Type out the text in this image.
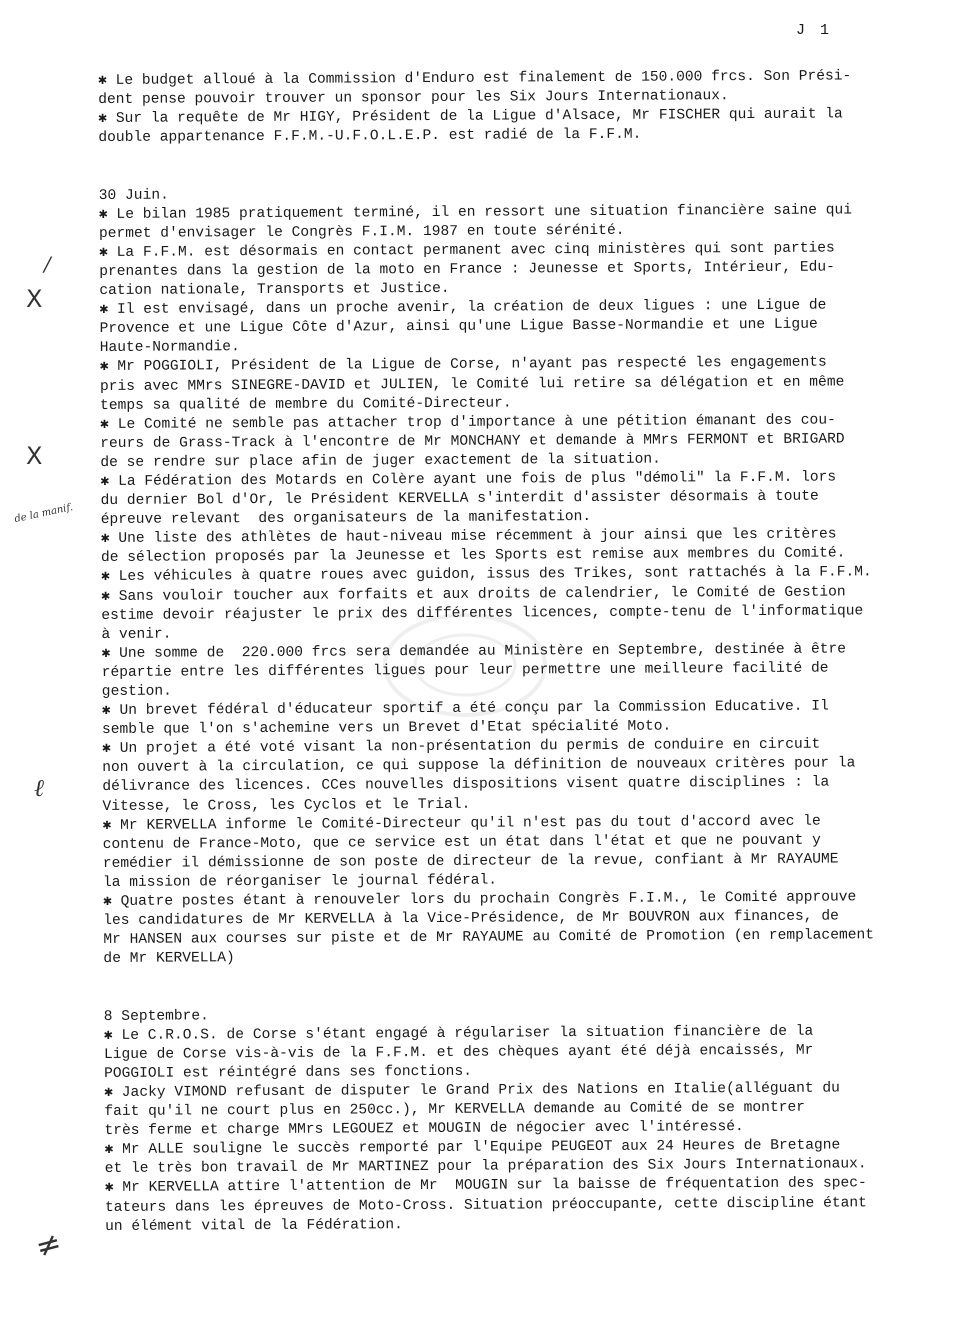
J 1
✱ Le budget alloué à la Commission d'Enduro est finalement de 150.000 frcs. Son Prési-
dent pense pouvoir trouver un sponsor pour les Six Jours Internationaux.
✱ Sur la requête de Mr HIGY, Président de la Ligue d'Alsace, Mr FISCHER qui aurait la
double appartenance F.F.M.-U.F.O.L.E.P. est radié de la F.F.M.
30 Juin.
✱ Le bilan 1985 pratiquement terminé, il en ressort une situation financière saine qui
permet d'envisager le Congrès F.I.M. 1987 en toute sérénité.
✱ La F.F.M. est désormais en contact permanent avec cinq ministères qui sont parties
prenantes dans la gestion de la moto en France : Jeunesse et Sports, Intérieur, Edu-
cation nationale, Transports et Justice.
✱ Il est envisagé, dans un proche avenir, la création de deux ligues : une Ligue de
Provence et une Ligue Côte d'Azur, ainsi qu'une Ligue Basse-Normandie et une Ligue
Haute-Normandie.
✱ Mr POGGIOLI, Président de la Ligue de Corse, n'ayant pas respecté les engagements
pris avec MMrs SINEGRE-DAVID et JULIEN, le Comité lui retire sa délégation et en même
temps sa qualité de membre du Comité-Directeur.
✱ Le Comité ne semble pas attacher trop d'importance à une pétition émanant des cou-
reurs de Grass-Track à l'encontre de Mr MONCHANY et demande à MMrs FERMONT et BRIGARD
de se rendre sur place afin de juger exactement de la situation.
✱ La Fédération des Motards en Colère ayant une fois de plus "démoli" la F.F.M. lors
du dernier Bol d'Or, le Président KERVELLA s'interdit d'assister désormais à toute
épreuve relevant  des organisateurs de la manifestation.
✱ Une liste des athlètes de haut-niveau mise récemment à jour ainsi que les critères
de sélection proposés par la Jeunesse et les Sports est remise aux membres du Comité.
✱ Les véhicules à quatre roues avec guidon, issus des Trikes, sont rattachés à la F.F.M.
✱ Sans vouloir toucher aux forfaits et aux droits de calendrier, le Comité de Gestion
estime devoir réajuster le prix des différentes licences, compte-tenu de l'informatique
à venir.
✱ Une somme de  220.000 frcs sera demandée au Ministère en Septembre, destinée à être
répartie entre les différentes ligues pour leur permettre une meilleure facilité de
gestion.
✱ Un brevet fédéral d'éducateur sportif a été conçu par la Commission Educative. Il
semble que l'on s'achemine vers un Brevet d'Etat spécialité Moto.
✱ Un projet a été voté visant la non-présentation du permis de conduire en circuit
non ouvert à la circulation, ce qui suppose la définition de nouveaux critères pour la
délivrance des licences. CCes nouvelles dispositions visent quatre disciplines : la
Vitesse, le Cross, les Cyclos et le Trial.
✱ Mr KERVELLA informe le Comité-Directeur qu'il n'est pas du tout d'accord avec le
contenu de France-Moto, que ce service est un état dans l'état et que ne pouvant y
remédier il démissionne de son poste de directeur de la revue, confiant à Mr RAYAUME
la mission de réorganiser le journal fédéral.
✱ Quatre postes étant à renouveler lors du prochain Congrès F.I.M., le Comité approuve
les candidatures de Mr KERVELLA à la Vice-Présidence, de Mr BOUVRON aux finances, de
Mr HANSEN aux courses sur piste et de Mr RAYAUME au Comité de Promotion (en remplacement
de Mr KERVELLA)
8 Septembre.
✱ Le C.R.O.S. de Corse s'étant engagé à régulariser la situation financière de la
Ligue de Corse vis-à-vis de la F.F.M. et des chèques ayant été déjà encaissés, Mr
POGGIOLI est réintégré dans ses fonctions.
✱ Jacky VIMOND refusant de disputer le Grand Prix des Nations en Italie(alléguant du
fait qu'il ne court plus en 250cc.), Mr KERVELLA demande au Comité de se montrer
très ferme et charge MMrs LEGOUEZ et MOUGIN de négocier avec l'intéressé.
✱ Mr ALLE souligne le succès remporté par l'Equipe PEUGEOT aux 24 Heures de Bretagne
et le très bon travail de Mr MARTINEZ pour la préparation des Six Jours Internationaux.
✱ Mr KERVELLA attire l'attention de Mr  MOUGIN sur la baisse de fréquentation des spec-
tateurs dans les épreuves de Moto-Cross. Situation préoccupante, cette discipline étant
un élément vital de la Fédération.
/
X
X
de la manif.
ℓ
≠
